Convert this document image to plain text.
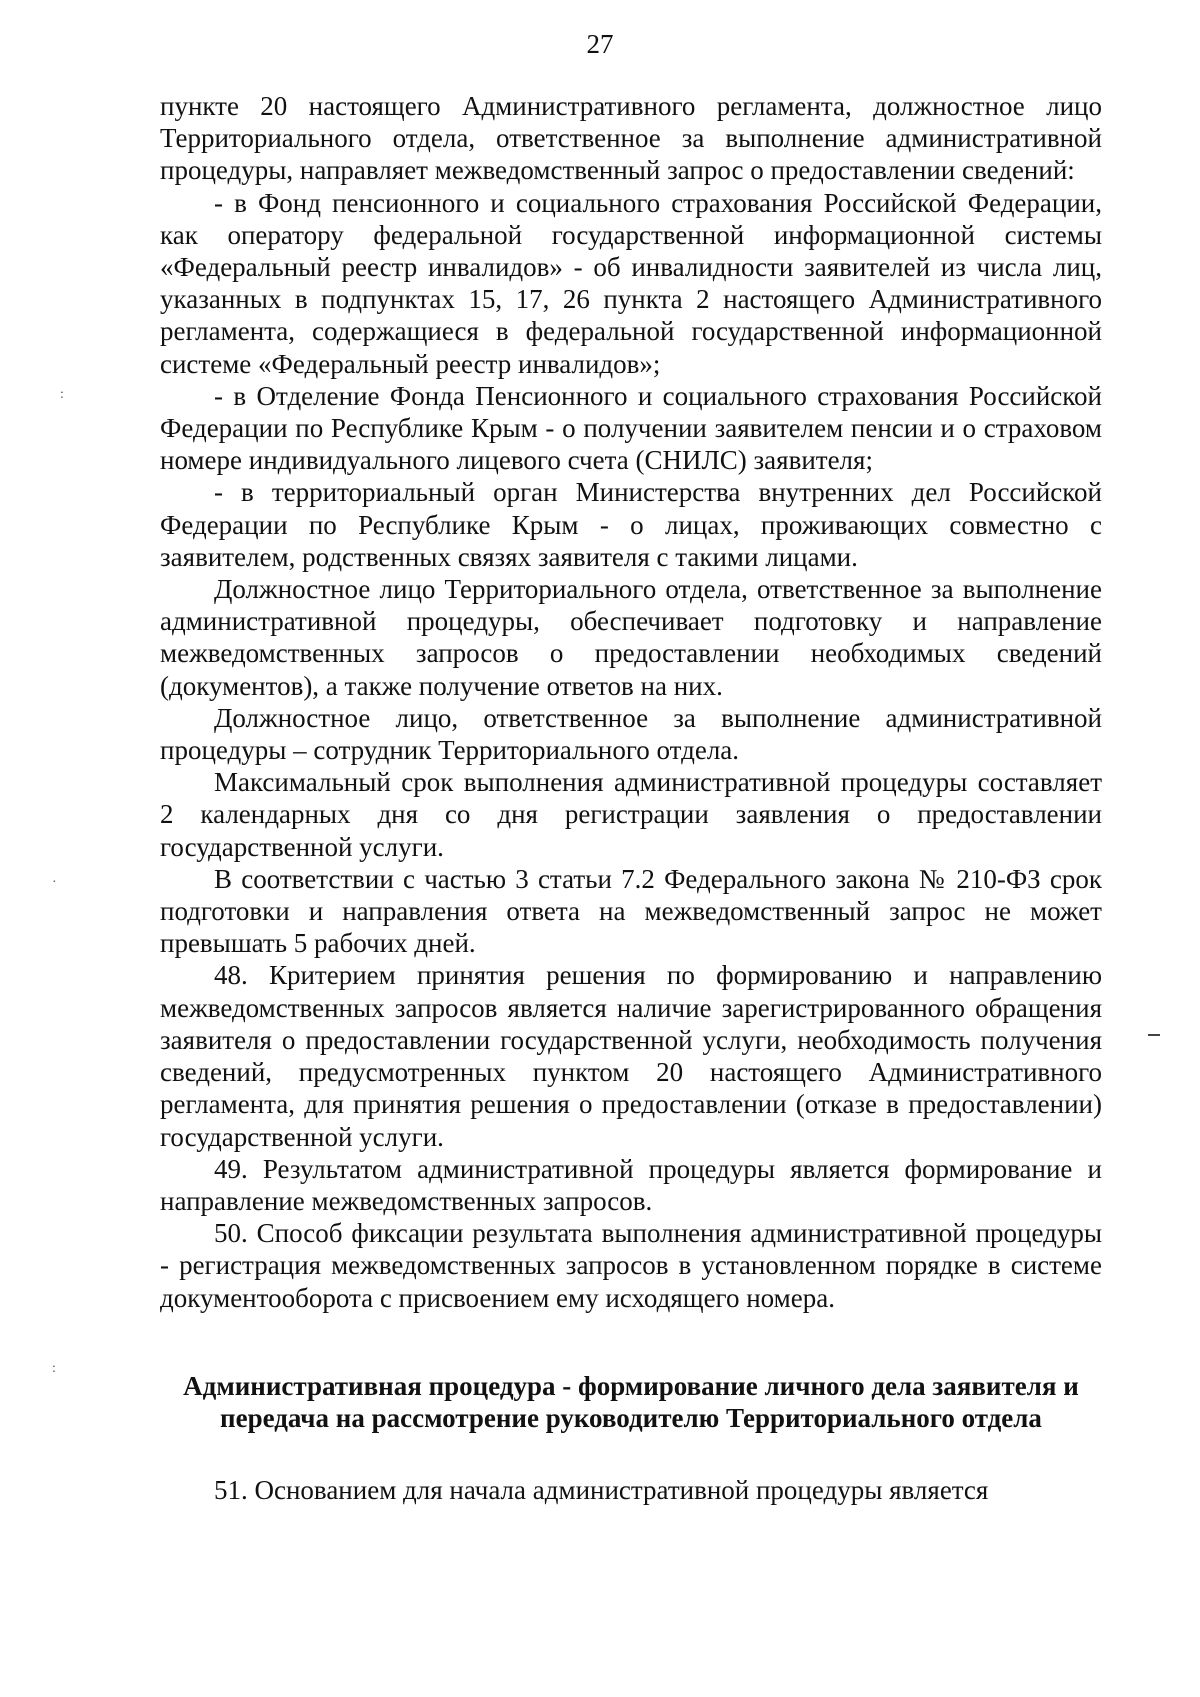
27

пункте 20 настоящего Административного регламента, должностное лицо Территориального отдела, ответственное за выполнение административной процедуры, направляет межведомственный запрос о предоставлении сведений:

- в Фонд пенсионного и социального страхования Российской Федерации, как оператору федеральной государственной информационной системы «Федеральный реестр инвалидов» - об инвалидности заявителей из числа лиц, указанных в подпунктах 15, 17, 26 пункта 2 настоящего Административного регламента, содержащиеся в федеральной государственной информационной системе «Федеральный реестр инвалидов»;

- в Отделение Фонда Пенсионного и социального страхования Российской Федерации по Республике Крым - о получении заявителем пенсии и о страховом номере индивидуального лицевого счета (СНИЛС) заявителя;

- в территориальный орган Министерства внутренних дел Российской Федерации по Республике Крым - о лицах, проживающих совместно с заявителем, родственных связях заявителя с такими лицами.

Должностное лицо Территориального отдела, ответственное за выполнение административной процедуры, обеспечивает подготовку и направление межведомственных запросов о предоставлении необходимых сведений (документов), а также получение ответов на них.

Должностное лицо, ответственное за выполнение административной процедуры – сотрудник Территориального отдела.

Максимальный срок выполнения административной процедуры составляет 2 календарных дня со дня регистрации заявления о предоставлении государственной услуги.

В соответствии с частью 3 статьи 7.2 Федерального закона № 210-ФЗ срок подготовки и направления ответа на межведомственный запрос не может превышать 5 рабочих дней.

48. Критерием принятия решения по формированию и направлению межведомственных запросов является наличие зарегистрированного обращения заявителя о предоставлении государственной услуги, необходимость получения сведений, предусмотренных пунктом 20 настоящего Административного регламента, для принятия решения о предоставлении (отказе в предоставлении) государственной услуги.

49. Результатом административной процедуры является формирование и направление межведомственных запросов.

50. Способ фиксации результата выполнения административной процедуры - регистрация межведомственных запросов в установленном порядке в системе документооборота с присвоением ему исходящего номера.

Административная процедура - формирование личного дела заявителя и
передача на рассмотрение руководителю Территориального отдела

51. Основанием для начала административной процедуры является

:
·
:
